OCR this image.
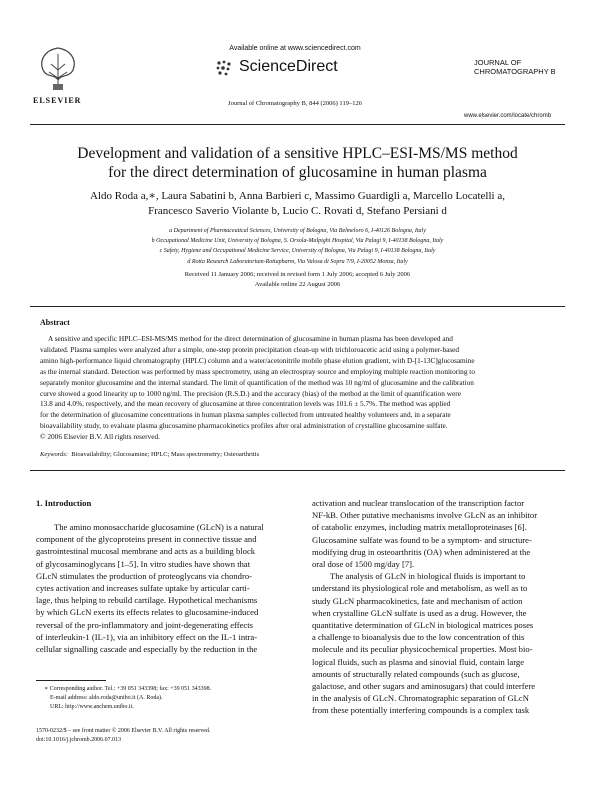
ELSEVIER
Available online at www.sciencedirect.com
ScienceDirect
Journal of Chromatography B, 844 (2006) 119–126
JOURNAL OF
CHROMATOGRAPHY B
www.elsevier.com/locate/chromb
Development and validation of a sensitive HPLC–ESI-MS/MS method
for the direct determination of glucosamine in human plasma
Aldo Roda a,∗, Laura Sabatini b, Anna Barbieri c, Massimo Guardigli a, Marcello Locatelli a,
Francesco Saverio Violante b, Lucio C. Rovati d, Stefano Persiani d
a Department of Pharmaceutical Sciences, University of Bologna, Via Belmeloro 6, I-40126 Bologna, Italy
b Occupational Medicine Unit, University of Bologna, S. Orsola-Malpighi Hospital, Via Palagi 9, I-40138 Bologna, Italy
c Safety, Hygiene and Occupational Medicine Service, University of Bologna, Via Palagi 9, I-40138 Bologna, Italy
d Rotta Research Laboratorium-Rottapharm, Via Valosa di Sopra 7/9, I-20052 Monza, Italy
Received 11 January 2006; received in revised form 1 July 2006; accepted 6 July 2006
Available online 22 August 2006
Abstract
A sensitive and specific HPLC–ESI-MS/MS method for the direct determination of glucosamine in human plasma has been developed and
validated. Plasma samples were analyzed after a simple, one-step protein precipitation clean-up with trichloroacetic acid using a polymer-based
amino high-performance liquid chromatography (HPLC) column and a water/acetonitrile mobile phase elution gradient, with D-[1-13C]glucosamine
as the internal standard. Detection was performed by mass spectrometry, using an electrospray source and employing multiple reaction monitoring to
separately monitor glucosamine and the internal standard. The limit of quantification of the method was 10 ng/ml of glucosamine and the calibration
curve showed a good linearity up to 1000 ng/ml. The precision (R.S.D.) and the accuracy (bias) of the method at the limit of quantification were
13.8 and 4.0%, respectively, and the mean recovery of glucosamine at three concentration levels was 101.6 ± 5.7%. The method was applied
for the determination of glucosamine concentrations in human plasma samples collected from untreated healthy volunteers and, in a separate
bioavailability study, to evaluate plasma glucosamine pharmacokinetics profiles after oral administration of crystalline glucosamine sulfate.
© 2006 Elsevier B.V. All rights reserved.
Keywords: Bioavailability; Glucosamine; HPLC; Mass spectrometry; Osteoarthritis
1. Introduction
The amino monosaccharide glucosamine (GLcN) is a natural
component of the glycoproteins present in connective tissue and
gastrointestinal mucosal membrane and acts as a building block
of glycosaminoglycans [1–5]. In vitro studies have shown that
GLcN stimulates the production of proteoglycans via chondro-
cytes activation and increases sulfate uptake by articular carti-
lage, thus helping to rebuild cartilage. Hypothetical mechanisms
by which GLcN exerts its effects relates to glucosamine-induced
reversal of the pro-inflammatory and joint-degenerating effects
of interleukin-1 (IL-1), via an inhibitory effect on the IL-1 intra-
cellular signalling cascade and especially by the reduction in the
activation and nuclear translocation of the transcription factor
NF-kB. Other putative mechanisms involve GLcN as an inhibitor
of catabolic enzymes, including matrix metalloproteinases [6].
Glucosamine sulfate was found to be a symptom- and structure-
modifying drug in osteoarthritis (OA) when administered at the
oral dose of 1500 mg/day [7].
The analysis of GLcN in biological fluids is important to
understand its physiological role and metabolism, as well as to
study GLcN pharmacokinetics, fate and mechanism of action
when crystalline GLcN sulfate is used as a drug. However, the
quantitative determination of GLcN in biological matrices poses
a challenge to bioanalysis due to the low concentration of this
molecule and its peculiar physicochemical properties. Most bio-
logical fluids, such as plasma and sinovial fluid, contain large
amounts of structurally related compounds (such as glucose,
galactose, and other sugars and aminosugars) that could interfere
in the analysis of GLcN. Chromatographic separation of GLcN
from these potentially interfering compounds is a complex task
∗ Corresponding author. Tel.: +39 051 343398; fax: +39 051 343398.
E-mail address: aldo.roda@unibo.it (A. Roda).
URL: http://www.anchem.unibo.it.
1570-0232/$ – see front matter © 2006 Elsevier B.V. All rights reserved.
doi:10.1016/j.jchromb.2006.07.013
